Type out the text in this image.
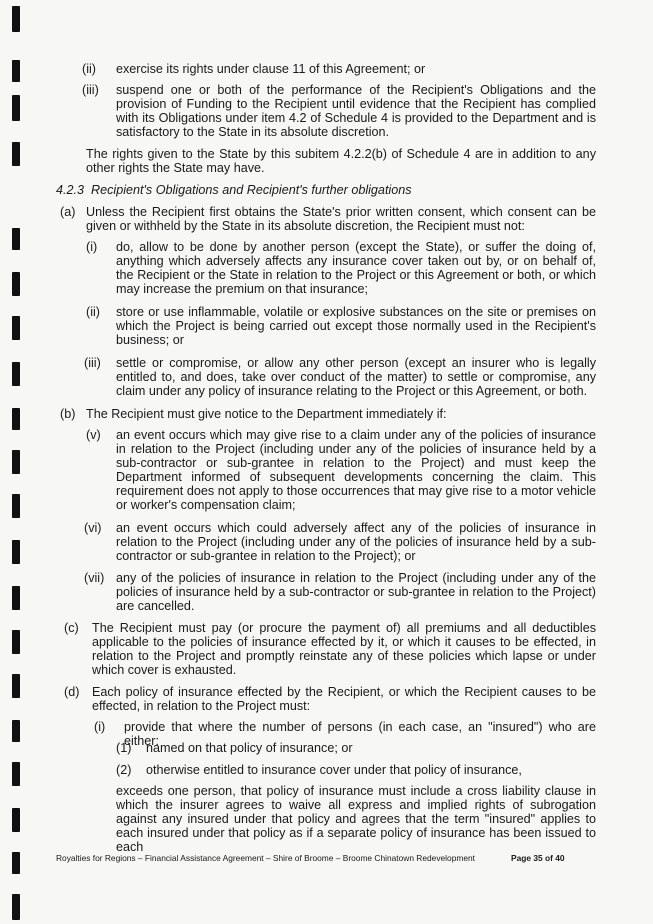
(ii) exercise its rights under clause 11 of this Agreement; or

(iii) suspend one or both of the performance of the Recipient's Obligations and the provision of Funding to the Recipient until evidence that the Recipient has complied with its Obligations under item 4.2 of Schedule 4 is provided to the Department and is satisfactory to the State in its absolute discretion.

The rights given to the State by this subitem 4.2.2(b) of Schedule 4 are in addition to any other rights the State may have.

4.2.3  Recipient's Obligations and Recipient's further obligations

(a) Unless the Recipient first obtains the State's prior written consent, which consent can be given or withheld by the State in its absolute discretion, the Recipient must not:

(i) do, allow to be done by another person (except the State), or suffer the doing of, anything which adversely affects any insurance cover taken out by, or on behalf of, the Recipient or the State in relation to the Project or this Agreement or both, or which may increase the premium on that insurance;

(ii) store or use inflammable, volatile or explosive substances on the site or premises on which the Project is being carried out except those normally used in the Recipient's business; or

(iii) settle or compromise, or allow any other person (except an insurer who is legally entitled to, and does, take over conduct of the matter) to settle or compromise, any claim under any policy of insurance relating to the Project or this Agreement, or both.

(b) The Recipient must give notice to the Department immediately if:

(v) an event occurs which may give rise to a claim under any of the policies of insurance in relation to the Project (including under any of the policies of insurance held by a sub-contractor or sub-grantee in relation to the Project) and must keep the Department informed of subsequent developments concerning the claim. This requirement does not apply to those occurrences that may give rise to a motor vehicle or worker's compensation claim;

(vi) an event occurs which could adversely affect any of the policies of insurance in relation to the Project (including under any of the policies of insurance held by a sub-contractor or sub-grantee in relation to the Project); or

(vii) any of the policies of insurance in relation to the Project (including under any of the policies of insurance held by a sub-contractor or sub-grantee in relation to the Project) are cancelled.

(c) The Recipient must pay (or procure the payment of) all premiums and all deductibles applicable to the policies of insurance effected by it, or which it causes to be effected, in relation to the Project and promptly reinstate any of these policies which lapse or under which cover is exhausted.

(d) Each policy of insurance effected by the Recipient, or which the Recipient causes to be effected, in relation to the Project must:

(i) provide that where the number of persons (in each case, an "insured") who are either:

(1) named on that policy of insurance; or

(2) otherwise entitled to insurance cover under that policy of insurance,

exceeds one person, that policy of insurance must include a cross liability clause in which the insurer agrees to waive all express and implied rights of subrogation against any insured under that policy and agrees that the term "insured" applies to each insured under that policy as if a separate policy of insurance has been issued to each

Royalties for Regions – Financial Assistance Agreement – Shire of Broome – Broome Chinatown Redevelopment	Page 35 of 40
